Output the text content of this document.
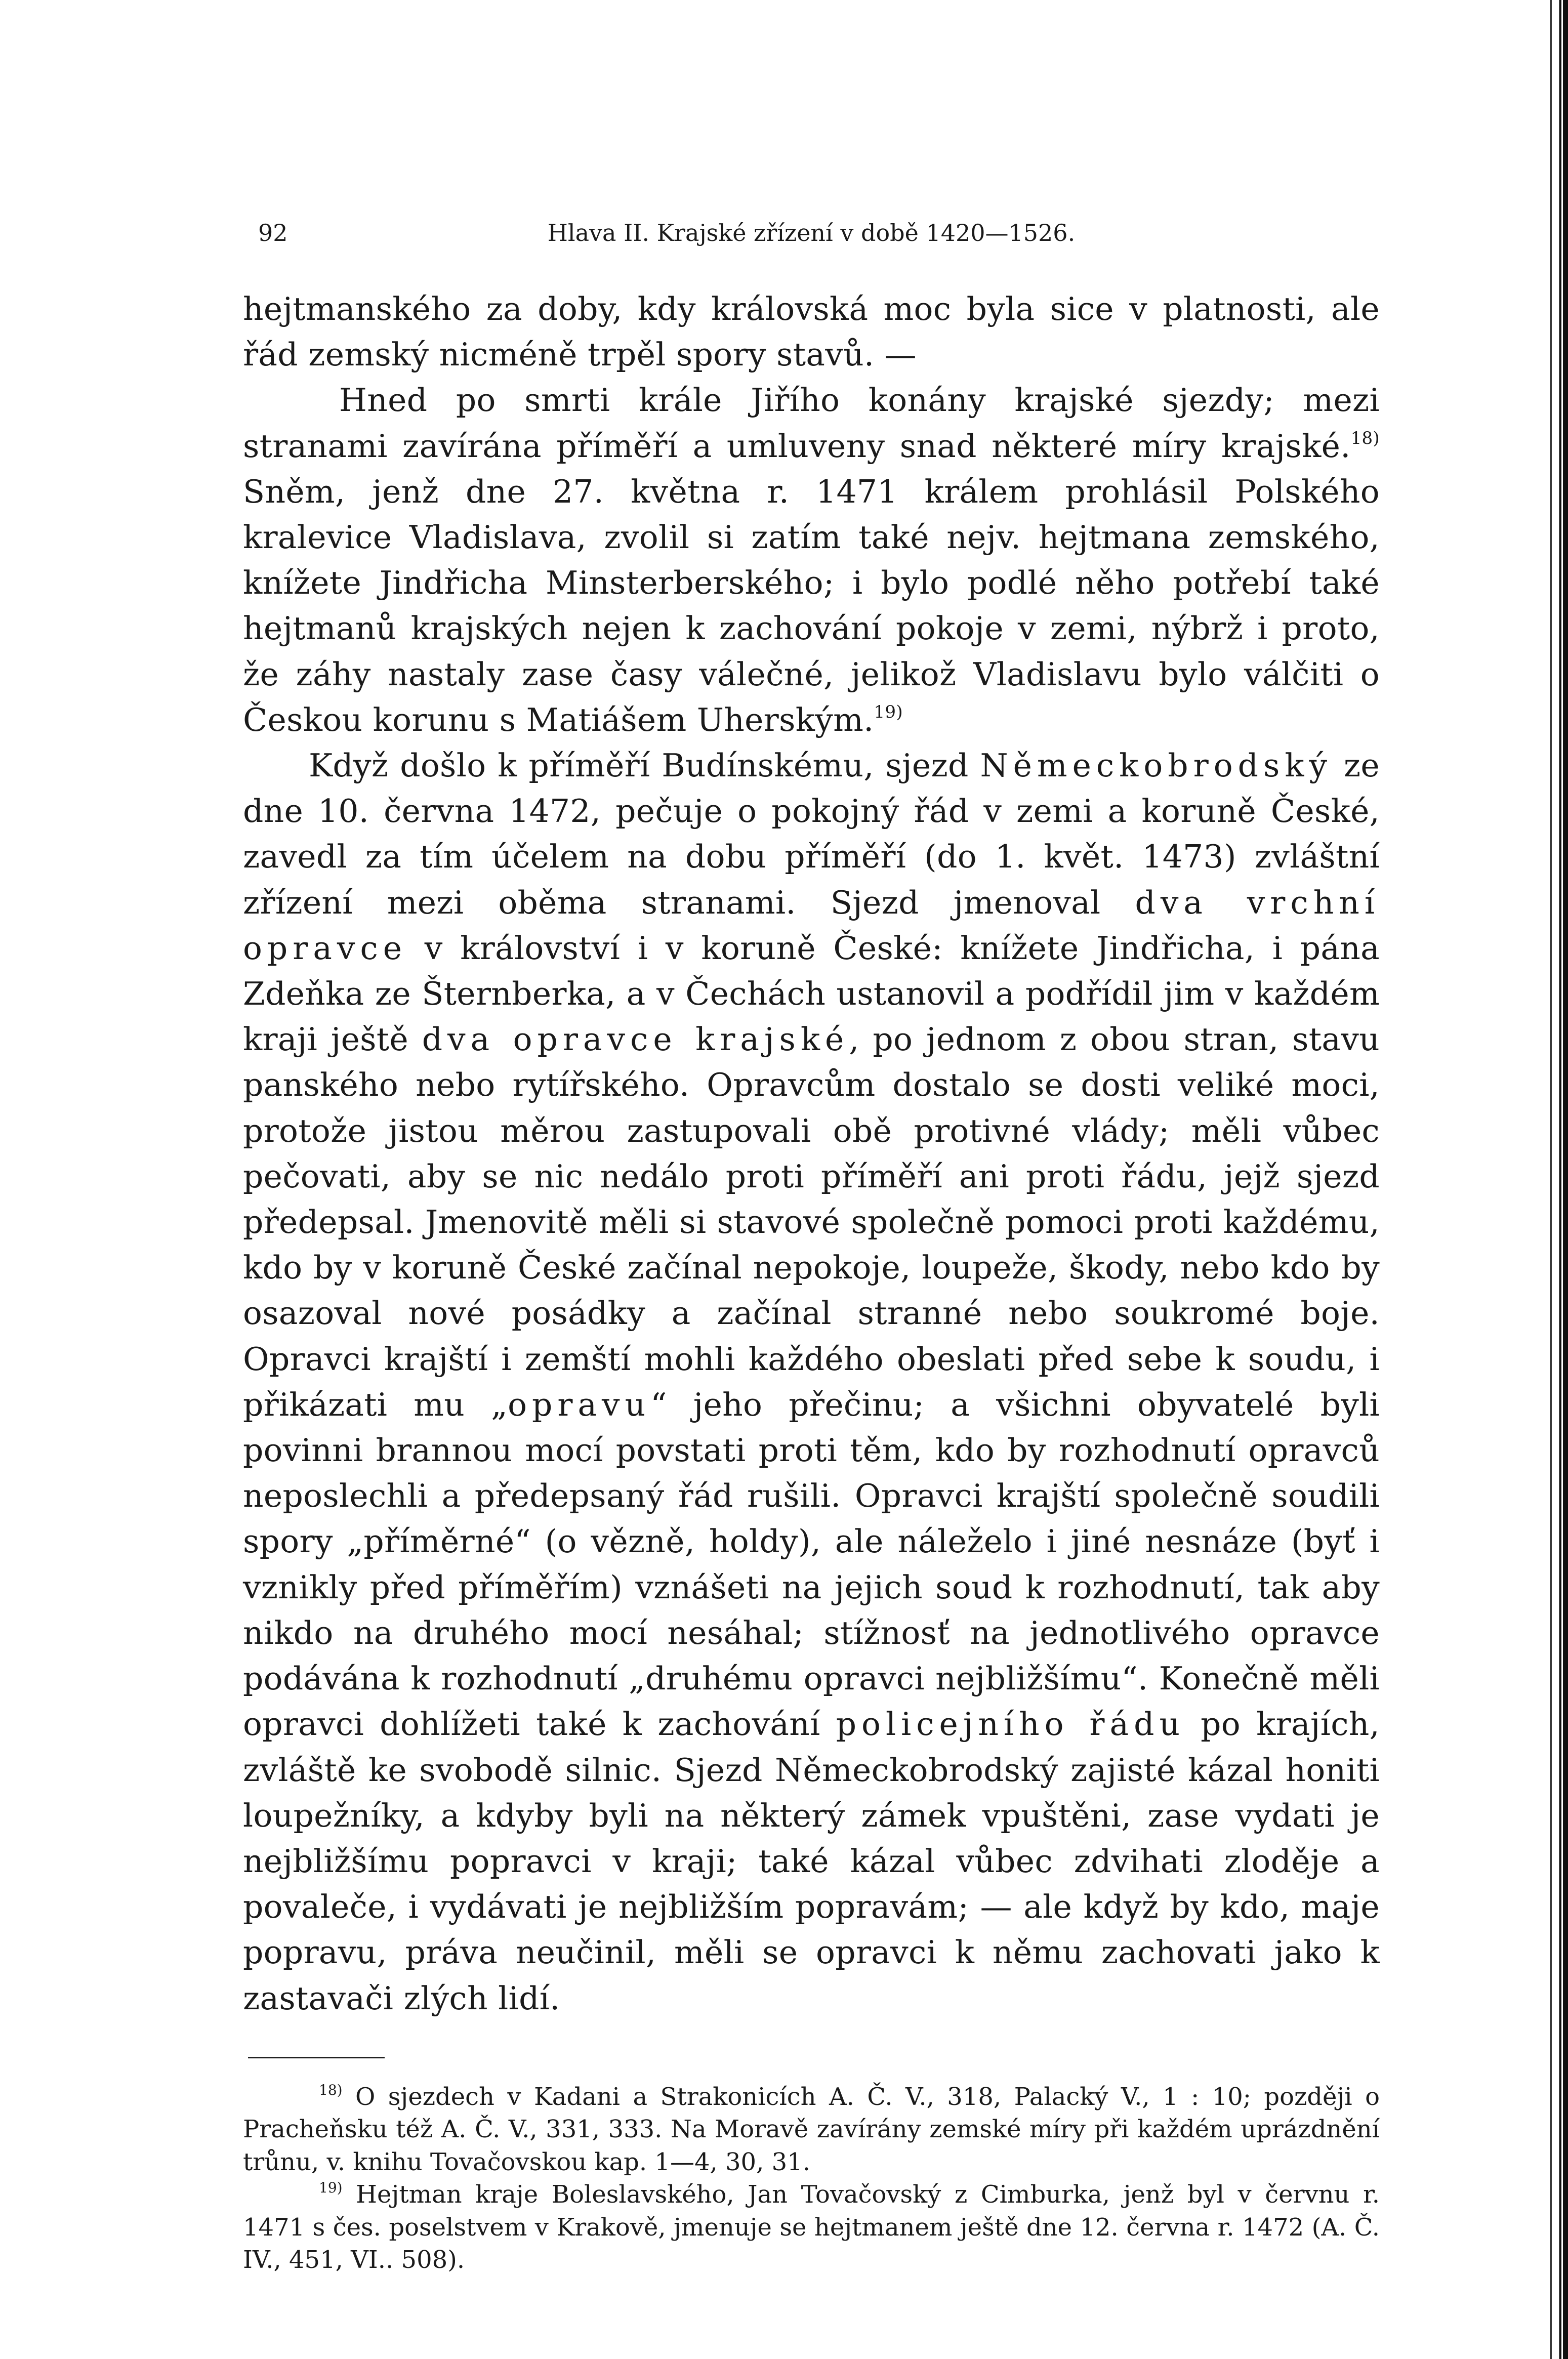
92	Hlava II. Krajské zřízení v době 1420—1526.

hejtmanského za doby, kdy královská moc byla sice v platnosti, ale řád zemský nicméně trpěl spory stavů. —

Hned po smrti krále Jiřího konány krajské sjezdy; mezi stranami zavírána příměří a umluveny snad některé míry krajské.$^{18)}$ Sněm, jenž dne 27. května r. 1471 králem prohlásil Polského kralevice Vladislava, zvolil si zatím také nejv. hejtmana zemského, knížete Jindřicha Minsterberského; i bylo podlé něho potřebí také hejtmanů krajských nejen k zachování pokoje v zemi, nýbrž i proto, že záhy nastaly zase časy válečné, jelikož Vladislavu bylo válčiti o Českou korunu s Matiášem Uherským.$^{19)}$

Když došlo k příměří Budínskému, sjezd Německobrodský ze dne 10. června 1472, pečuje o pokojný řád v zemi a koruně České, zavedl za tím účelem na dobu příměří (do 1. květ. 1473) zvláštní zřízení mezi oběma stranami. Sjezd jmenoval dva vrchní opravce v království i v koruně České: knížete Jindřicha, i pána Zdeňka ze Šternberka, a v Čechách ustanovil a podřídil jim v každém kraji ještě dva opravce krajské, po jednom z obou stran, stavu panského nebo rytířského. Opravcům dostalo se dosti veliké moci, protože jistou měrou zastupovali obě protivné vlády; měli vůbec pečovati, aby se nic nedálo proti příměří ani proti řádu, jejž sjezd předepsal. Jmenovitě měli si stavové společně pomoci proti každému, kdo by v koruně České začínal nepokoje, loupeže, škody, nebo kdo by osazoval nové posádky a začínal stranné nebo soukromé boje. Opravci krajští i zemští mohli každého obeslati před sebe k soudu, i přikázati mu „opravu“ jeho přečinu; a všichni obyvatelé byli povinni brannou mocí povstati proti těm, kdo by rozhodnutí opravců neposlechli a předepsaný řád rušili. Opravci krajští společně soudili spory „příměrné“ (o vězně, holdy), ale náleželo i jiné nesnáze (byť i vznikly před příměřím) vznášeti na jejich soud k rozhodnutí, tak aby nikdo na druhého mocí nesáhal; stížnosť na jednotlivého opravce podávána k rozhodnutí „druhému opravci nejbližšímu“. Konečně měli opravci dohlížeti také k zachování policejního řádu po krajích, zvláště ke svobodě silnic. Sjezd Německobrodský zajisté kázal honiti loupežníky, a kdyby byli na některý zámek vpuštěni, zase vydati je nejbližšímu popravci v kraji; také kázal vůbec zdvihati zloděje a povaleče, i vydávati je nejbližším popravám; — ale když by kdo, maje popravu, práva neučinil, měli se opravci k němu zachovati jako k zastavači zlých lidí.

$^{18)}$ O sjezdech v Kadani a Strakonicích A. Č. V., 318, Palacký V., 1 : 10; později o Pracheňsku též A. Č. V., 331, 333. Na Moravě zavírány zemské míry při každém uprázdnění trůnu, v. knihu Tovačovskou kap. 1—4, 30, 31.

$^{19)}$ Hejtman kraje Boleslavského, Jan Tovačovský z Cimburka, jenž byl v červnu r. 1471 s čes. poselstvem v Krakově, jmenuje se hejtmanem ještě dne 12. června r. 1472 (A. Č. IV., 451, VI.. 508).
